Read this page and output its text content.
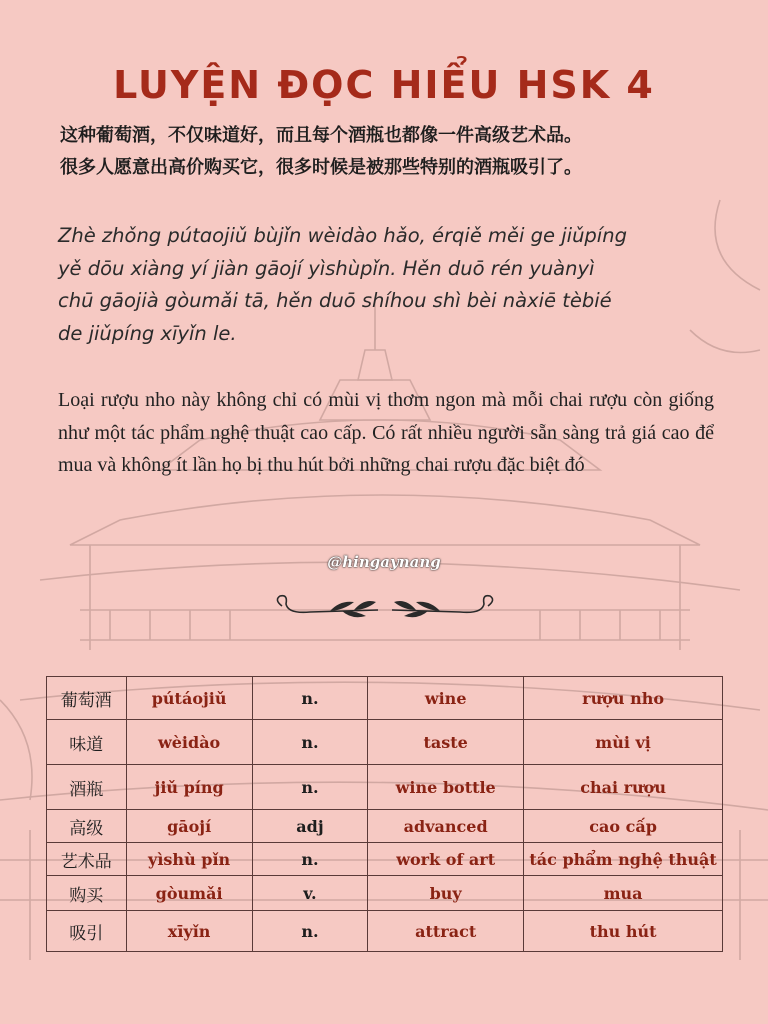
LUYỆN ĐỌC HIỂU HSK 4
这种葡萄酒，不仅味道好，而且每个酒瓶也都像一件高级艺术品。
很多人愿意出高价购买它，很多时候是被那些特别的酒瓶吸引了。
Zhè zhǒng pútɑojiǔ bùjǐn wèidào hǎo, érqiě měi ge jiǔpíng
yě dōu xiàng yí jiàn gāojí yìshùpǐn. Hěn duō rén yuànyì
chū gāojià gòumǎi tā, hěn duō shíhou shì bèi nàxiē tèbié
de jiǔpíng xīyǐn le.
Loại rượu nho này không chỉ có mùi vị thơm ngon mà mỗi chai rượu còn giống như một tác phẩm nghệ thuật cao cấp. Có rất nhiều người sẵn sàng trả giá cao để mua và không ít lần họ bị thu hút bởi những chai rượu đặc biệt đó
@hingaynang
葡萄酒	pútáojiǔ	n.	wine	rượu nho
味道	wèidào	n.	taste	mùi vị
酒瓶	jiǔ píng	n.	wine bottle	chai rượu
高级	gāojí	adj	advanced	cao cấp
艺术品	yìshù pǐn	n.	work of art	tác phẩm nghệ thuật
购买	gòumǎi	v.	buy	mua
吸引	xīyǐn	n.	attract	thu hút
